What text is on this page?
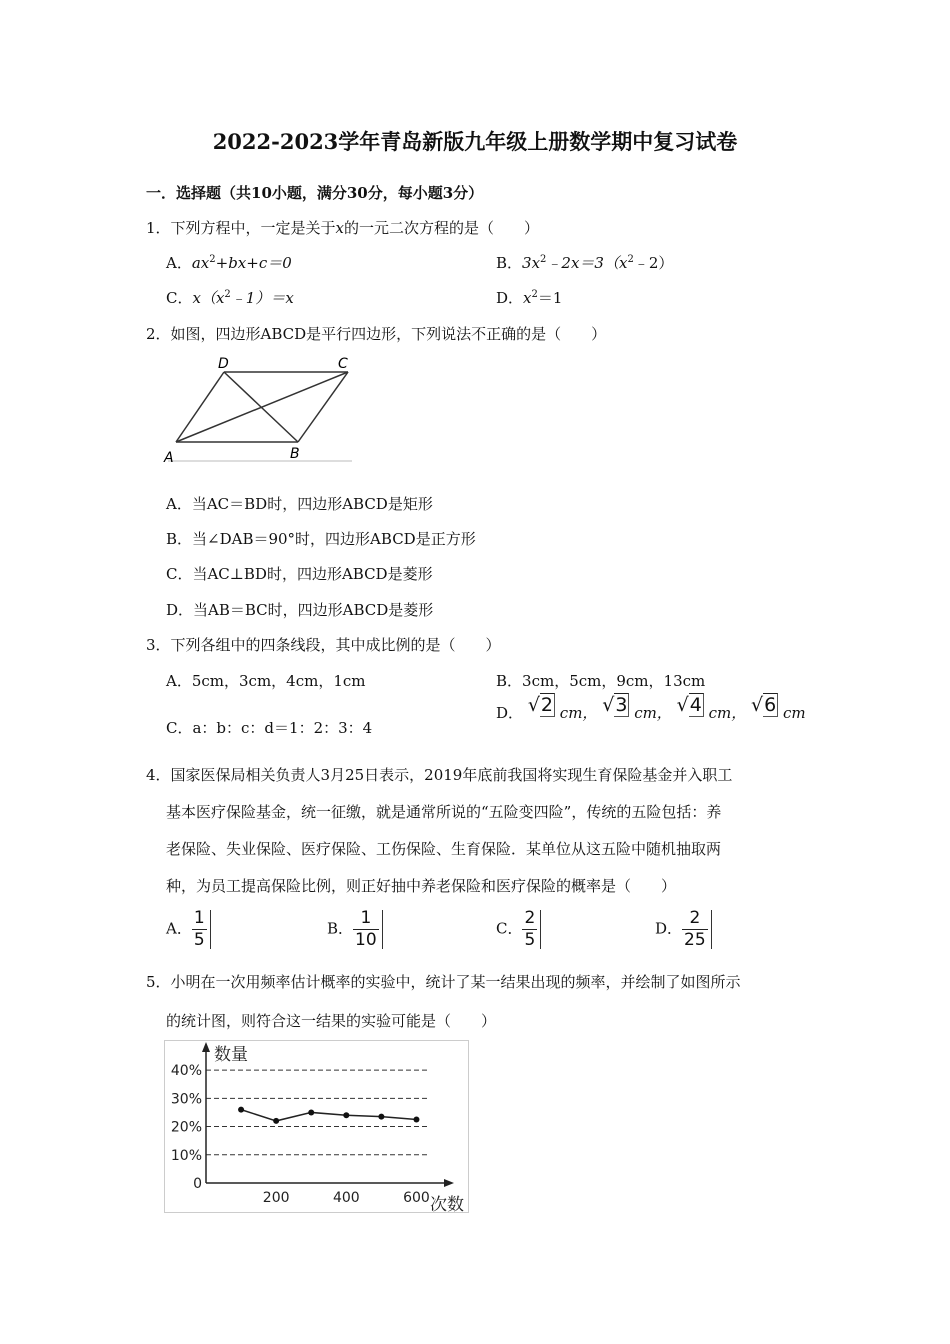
2022-2023学年青岛新版九年级上册数学期中复习试卷
一．选择题（共10小题，满分30分，每小题3分）
1．下列方程中，一定是关于x的一元二次方程的是（　　）
A．$ax^2+bx+c=0$	B．$3x^2﹣2x=3(x^2﹣2)$
C．$x(x^2﹣1)=x$	D．$x^2=1$
2．如图，四边形ABCD是平行四边形，下列说法不正确的是（　　）
A	B
C
D
A．当AC＝BD时，四边形ABCD是矩形
B．当∠DAB＝90°时，四边形ABCD是正方形
C．当AC⊥BD时，四边形ABCD是菱形
D．当AB＝BC时，四边形ABCD是菱形
3．下列各组中的四条线段，其中成比例的是（　　）
A．5cm，3cm，4cm，1cm	B．3cm，5cm，9cm，13cm
C．a：b：c：d＝1：2：3：4
D． √2 cm， √3 cm， √4 cm， √6 cm
4．国家医保局相关负责人3月25日表示，2019年底前我国将实现生育保险基金并入职工
基本医疗保险基金，统一征缴，就是通常所说的“五险变四险”，传统的五险包括：养
老保险、失业保险、医疗保险、工伤保险、生育保险．某单位从这五险中随机抽取两
种，为员工提高保险比例，则正好抽中养老保险和医疗保险的概率是（　　）
A． $\frac{1}{5}$	B． $\frac{1}{10}$	C． $\frac{2}{5}$	D． $\frac{2}{25}$
5．小明在一次用频率估计概率的实验中，统计了某一结果出现的频率，并绘制了如图所示
的统计图，则符合这一结果的实验可能是（　　）
0
10%
20%
30%
40%
200	400	600
数量
次数
